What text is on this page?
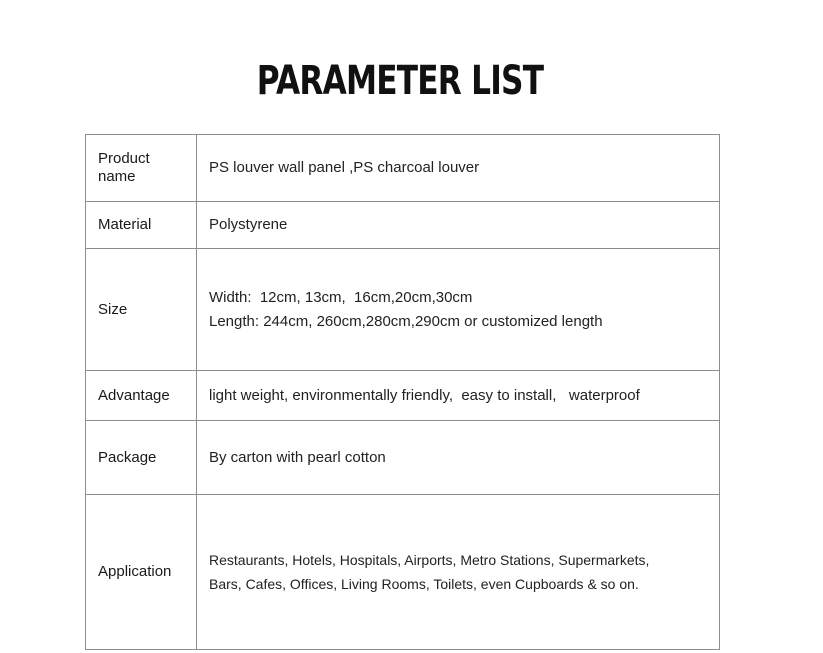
PARAMETER LIST
Product name	PS louver wall panel ,PS charcoal louver
Material	Polystyrene
Size	Width:  12cm, 13cm,  16cm,20cm,30cm
Length: 244cm, 260cm,280cm,290cm or customized length

Advantage	light weight, environmentally friendly,  easy to install,   waterproof
Package	By carton with pearl cotton
Application	Restaurants, Hotels, Hospitals, Airports, Metro Stations, Supermarkets,
Bars, Cafes, Offices, Living Rooms, Toilets, even Cupboards & so on.
